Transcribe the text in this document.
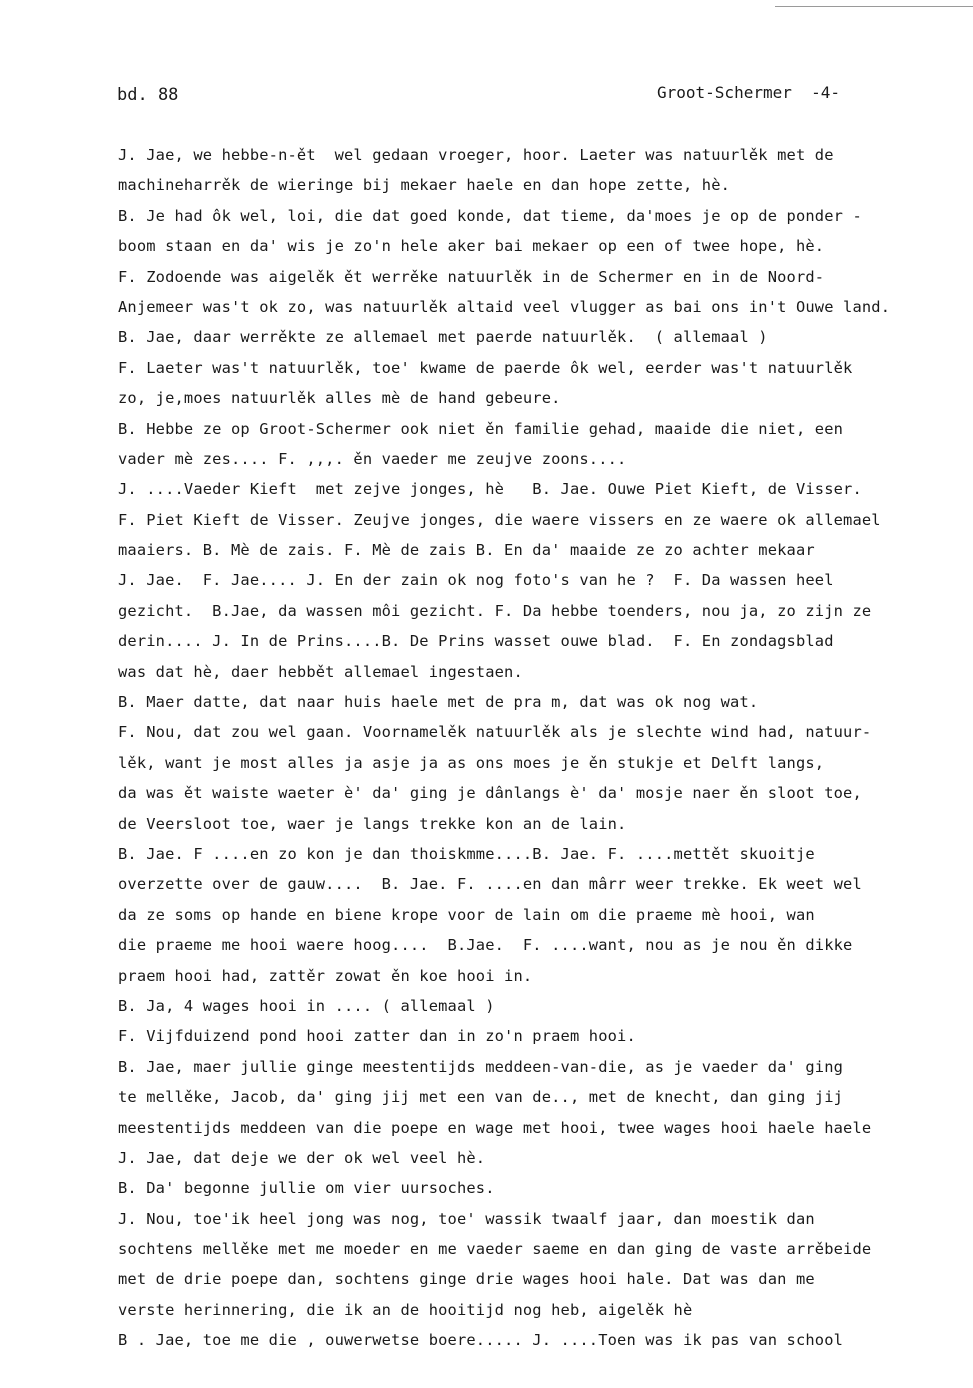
bd. 88	Groot-Schermer  -4-
J. Jae, we hebbe-n-ět  wel gedaan vroeger, hoor. Laeter was natuurlěk met de
machineharrěk de wieringe bij mekaer haele en dan hope zette, hè.
B. Je had ôk wel, loi, die dat goed konde, dat tieme, da'moes je op de ponder -
boom staan en da' wis je zo'n hele aker bai mekaer op een of twee hope, hè.
F. Zodoende was aigelěk ět werrěke natuurlěk in de Schermer en in de Noord-
Anjemeer was't ok zo, was natuurlěk altaid veel vlugger as bai ons in't Ouwe land.
B. Jae, daar werrěkte ze allemael met paerde natuurlěk.  ( allemaal )
F. Laeter was't natuurlěk, toe' kwame de paerde ôk wel, eerder was't natuurlěk
zo, je,moes natuurlěk alles mè de hand gebeure.
B. Hebbe ze op Groot-Schermer ook niet ěn familie gehad, maaide die niet, een
vader mè zes.... F. ,,,. ěn vaeder me zeujve zoons....
J. ....Vaeder Kieft  met zejve jonges, hè   B. Jae. Ouwe Piet Kieft, de Visser.
F. Piet Kieft de Visser. Zeujve jonges, die waere vissers en ze waere ok allemael
maaiers. B. Mè de zais. F. Mè de zais B. En da' maaide ze zo achter mekaar
J. Jae.  F. Jae.... J. En der zain ok nog foto's van he ?  F. Da wassen heel
gezicht.  B.Jae, da wassen môi gezicht. F. Da hebbe toenders, nou ja, zo zijn ze
derin.... J. In de Prins....B. De Prins wasset ouwe blad.  F. En zondagsblad
was dat hè, daer hebbět allemael ingestaen.
B. Maer datte, dat naar huis haele met de pra m, dat was ok nog wat.
F. Nou, dat zou wel gaan. Voornamelěk natuurlěk als je slechte wind had, natuur-
lěk, want je most alles ja asje ja as ons moes je ěn stukje et Delft langs,
da was ět waiste waeter è' da' ging je dânlangs è' da' mosje naer ěn sloot toe,
de Veersloot toe, waer je langs trekke kon an de lain.
B. Jae. F ....en zo kon je dan thoiskmme....B. Jae. F. ....mettět skuoitje
overzette over de gauw....  B. Jae. F. ....en dan mârr weer trekke. Ek weet wel
da ze soms op hande en biene krope voor de lain om die praeme mè hooi, wan
die praeme me hooi waere hoog....  B.Jae.  F. ....want, nou as je nou ěn dikke
praem hooi had, zattěr zowat ěn koe hooi in.
B. Ja, 4 wages hooi in .... ( allemaal )
F. Vijfduizend pond hooi zatter dan in zo'n praem hooi.
B. Jae, maer jullie ginge meestentijds meddeen-van-die, as je vaeder da' ging
te mellěke, Jacob, da' ging jij met een van de.., met de knecht, dan ging jij
meestentijds meddeen van die poepe en wage met hooi, twee wages hooi haele haele
J. Jae, dat deje we der ok wel veel hè.
B. Da' begonne jullie om vier uursoches.
J. Nou, toe'ik heel jong was nog, toe' wassik twaalf jaar, dan moestik dan
sochtens mellěke met me moeder en me vaeder saeme en dan ging de vaste arrěbeide
met de drie poepe dan, sochtens ginge drie wages hooi hale. Dat was dan me
verste herinnering, die ik an de hooitijd nog heb, aigelěk hè
B . Jae, toe me die , ouwerwetse boere..... J. ....Toen was ik pas van school
